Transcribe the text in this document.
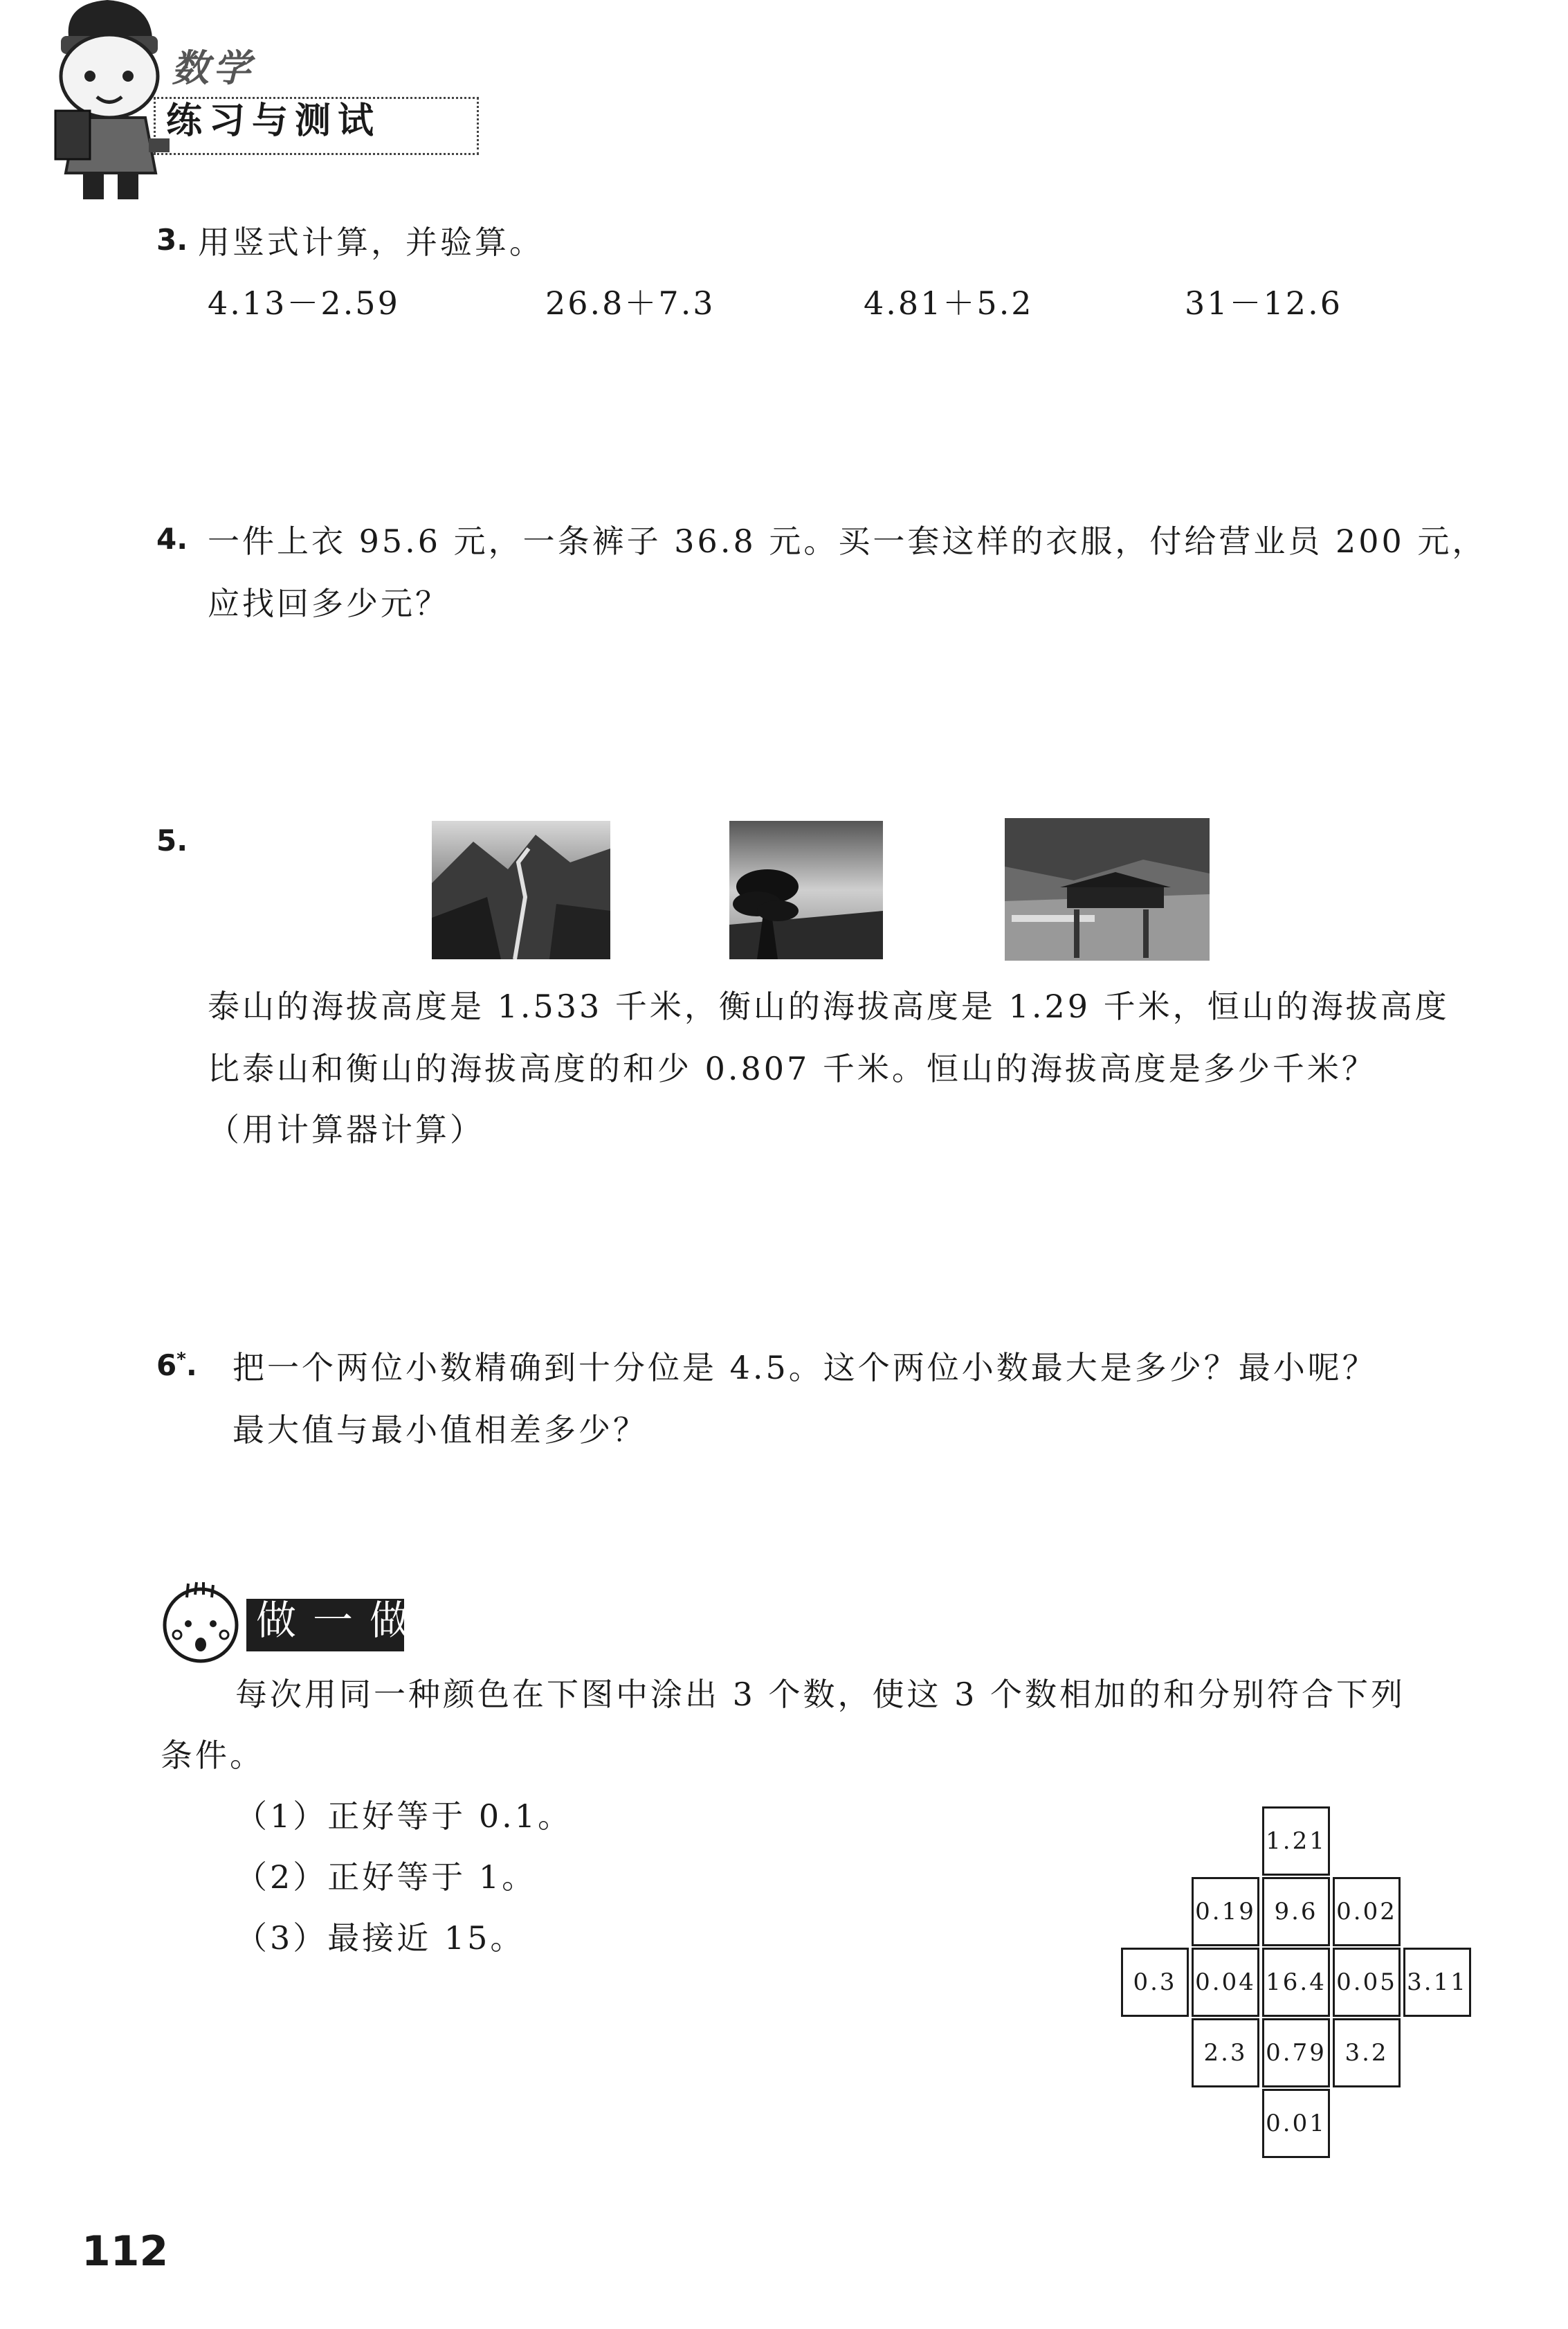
数学
练习与测试
3. 用竖式计算，并验算。
4.13－2.59	26.8＋7.3	4.81＋5.2	31－12.6
4. 一件上衣 95.6 元，一条裤子 36.8 元。买一套这样的衣服，付给营业员 200 元，
应找回多少元？
5.
泰山的海拔高度是 1.533 千米，衡山的海拔高度是 1.29 千米，恒山的海拔高度
比泰山和衡山的海拔高度的和少 0.807 千米。恒山的海拔高度是多少千米？
（用计算器计算）
6*. 把一个两位小数精确到十分位是 4.5。这个两位小数最大是多少？最小呢？
最大值与最小值相差多少？
做一做
每次用同一种颜色在下图中涂出 3 个数，使这 3 个数相加的和分别符合下列
条件。
（1）正好等于 0.1。
（2）正好等于 1。
（3）最接近 15。
1.21
0.19 9.6 0.02
0.3 0.04 16.4 0.05 3.11
2.3 0.79 3.2
0.01
112
